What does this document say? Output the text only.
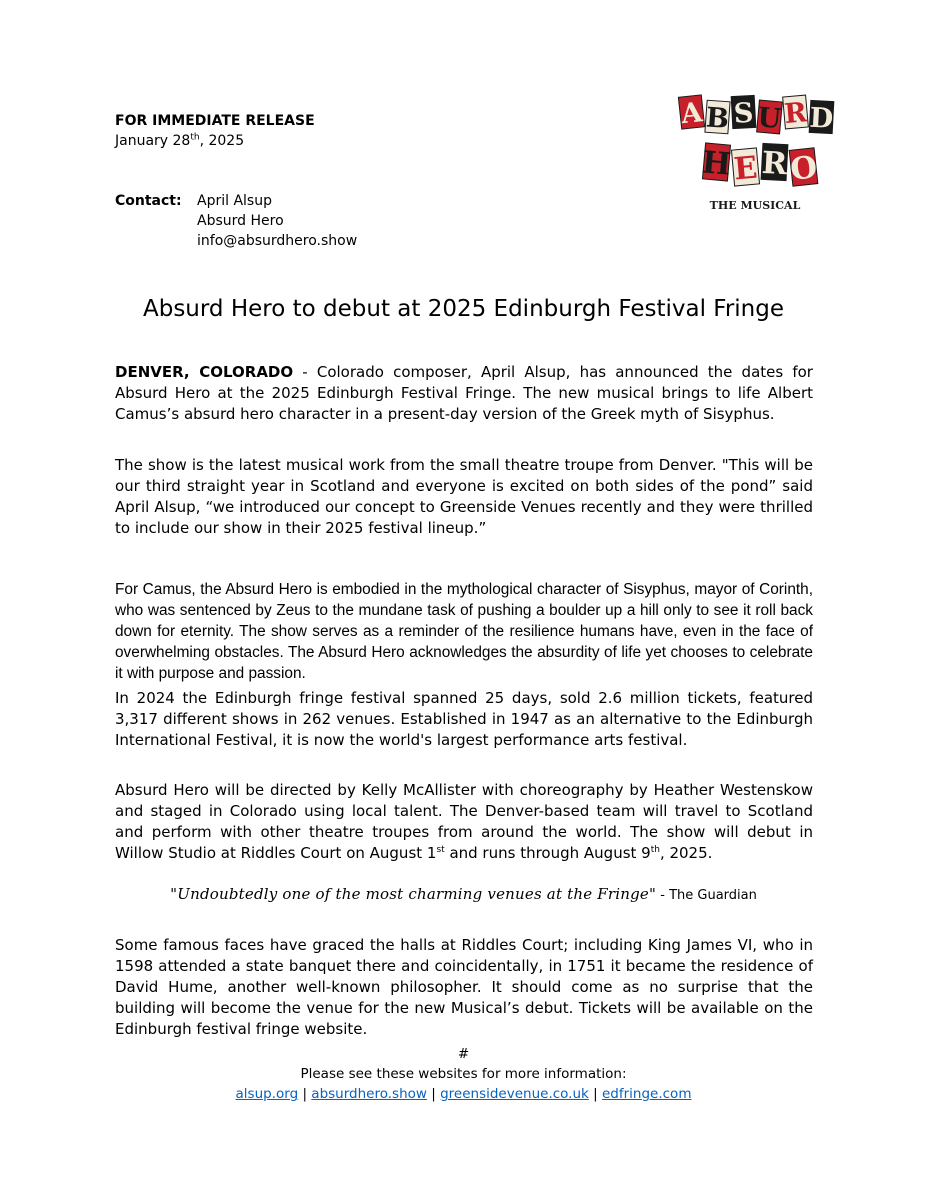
FOR IMMEDIATE RELEASE
January 28th, 2025
Contact: April Alsup
Absurd Hero
info@absurdhero.show
A B S U R D
H E R O
THE MUSICAL
Absurd Hero to debut at 2025 Edinburgh Festival Fringe

DENVER, COLORADO - Colorado composer, April Alsup, has announced the dates for Absurd Hero at the 2025 Edinburgh Festival Fringe. The new musical brings to life Albert Camus’s absurd hero character in a present-day version of the Greek myth of Sisyphus.

The show is the latest musical work from the small theatre troupe from Denver. "This will be our third straight year in Scotland and everyone is excited on both sides of the pond” said April Alsup, “we introduced our concept to Greenside Venues recently and they were thrilled to include our show in their 2025 festival lineup.”

For Camus, the Absurd Hero is embodied in the mythological character of Sisyphus, mayor of Corinth, who was sentenced by Zeus to the mundane task of pushing a boulder up a hill only to see it roll back down for eternity. The show serves as a reminder of the resilience humans have, even in the face of overwhelming obstacles. The Absurd Hero acknowledges the absurdity of life yet chooses to celebrate it with purpose and passion.

In 2024 the Edinburgh fringe festival spanned 25 days, sold 2.6 million tickets, featured 3,317 different shows in 262 venues. Established in 1947 as an alternative to the Edinburgh International Festival, it is now the world's largest performance arts festival.

Absurd Hero will be directed by Kelly McAllister with choreography by Heather Westenskow and staged in Colorado using local talent. The Denver-based team will travel to Scotland and perform with other theatre troupes from around the world. The show will debut in Willow Studio at Riddles Court on August 1st and runs through August 9th, 2025.

"Undoubtedly one of the most charming venues at the Fringe" - The Guardian

Some famous faces have graced the halls at Riddles Court; including King James VI, who in 1598 attended a state banquet there and coincidentally, in 1751 it became the residence of David Hume, another well-known philosopher. It should come as no surprise that the building will become the venue for the new Musical’s debut. Tickets will be available on the Edinburgh festival fringe website.

#
Please see these websites for more information:
alsup.org | absurdhero.show | greensidevenue.co.uk | edfringe.com
